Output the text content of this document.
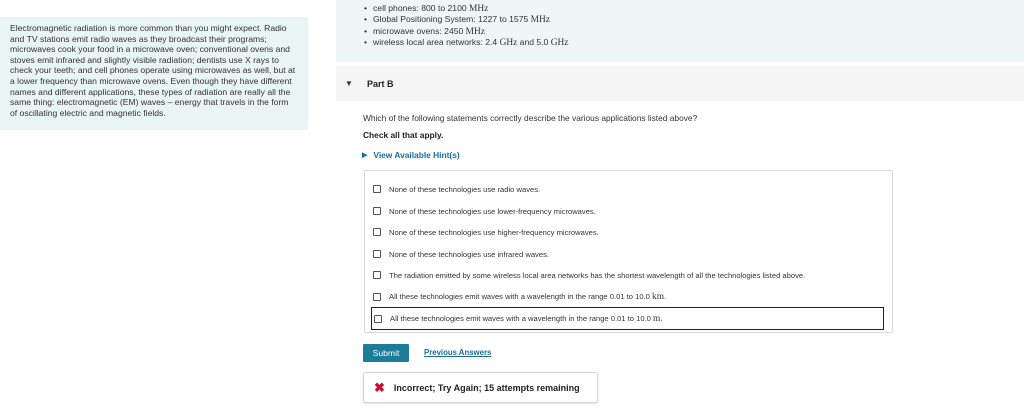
Electromagnetic radiation is more common than you might expect. Radio and TV stations emit radio waves as they broadcast their programs; microwaves cook your food in a microwave oven; conventional ovens and stoves emit infrared and slightly visible radiation; dentists use X rays to check your teeth; and cell phones operate using microwaves as well, but at a lower frequency than microwave ovens. Even though they have different names and different applications, these types of radiation are really all the same thing: electromagnetic (EM) waves – energy that travels in the form of oscillating electric and magnetic fields.

• cell phones: 800 to 2100 MHz
• Global Positioning System: 1227 to 1575 MHz
• microwave ovens: 2450 MHz
• wireless local area networks: 2.4 GHz and 5.0 GHz
▼	Part B
Which of the following statements correctly describe the various applications listed above?
Check all that apply.
▶ View Available Hint(s)
None of these technologies use radio waves.
None of these technologies use lower-frequency microwaves.
None of these technologies use higher-frequency microwaves.
None of these technologies use infrared waves.
The radiation emitted by some wireless local area networks has the shortest wavelength of all the technologies listed above.
All these technologies emit waves with a wavelength in the range 0.01 to 10.0 km.
All these technologies emit waves with a wavelength in the range 0.01 to 10.0 m.
Submit	Previous Answers
✖ Incorrect; Try Again; 15 attempts remaining
